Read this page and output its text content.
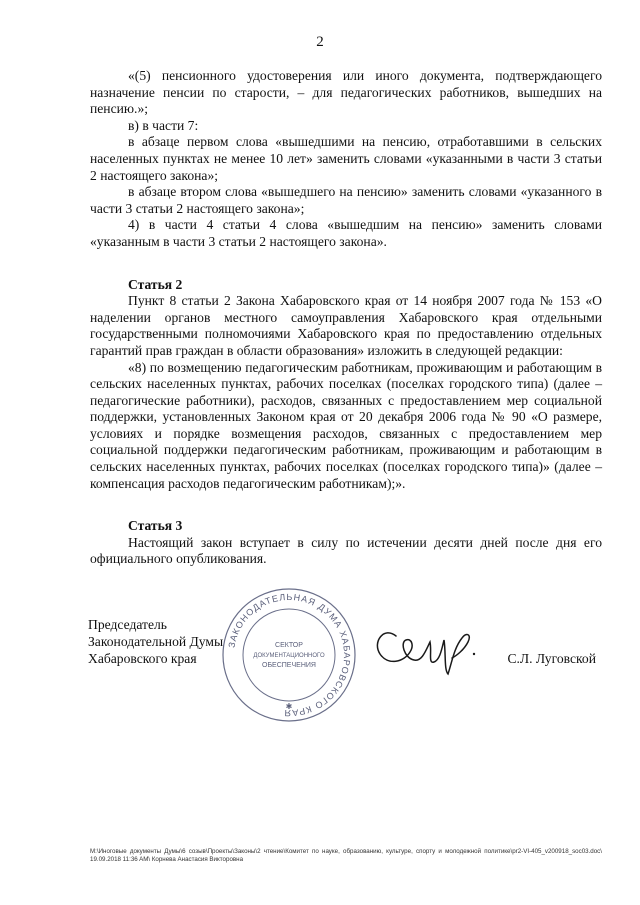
2

«(5) пенсионного удостоверения или иного документа, подтверждающего назначение пенсии по старости, – для педагогических работников, вышедших на пенсию.»;

в) в части 7:

в абзаце первом слова «вышедшими на пенсию, отработавшими в сельских населенных пунктах не менее 10 лет» заменить словами «указанными в части 3 статьи 2 настоящего закона»;

в абзаце втором слова «вышедшего на пенсию» заменить словами «указанного в части 3 статьи 2 настоящего закона»;

4) в части 4 статьи 4 слова «вышедшим на пенсию» заменить словами «указанным в части 3 статьи 2 настоящего закона».

Статья 2

Пункт 8 статьи 2 Закона Хабаровского края от 14 ноября 2007 года № 153 «О наделении органов местного самоуправления Хабаровского края отдельными государственными полномочиями Хабаровского края по предоставлению отдельных гарантий прав граждан в области образования» изложить в следующей редакции:

«8) по возмещению педагогическим работникам, проживающим и работающим в сельских населенных пунктах, рабочих поселках (поселках городского типа) (далее – педагогические работники), расходов, связанных с предоставлением мер социальной поддержки, установленных Законом края от 20 декабря 2006 года № 90 «О размере, условиях и порядке возмещения расходов, связанных с предоставлением мер социальной поддержки педагогическим работникам, проживающим и работающим в сельских населенных пунктах, рабочих поселках (поселках городского типа)» (далее – компенсация расходов педагогическим работникам);».

Статья 3

Настоящий закон вступает в силу по истечении десяти дней после дня его официального опубликования.

Председатель
Законодательной Думы
Хабаровского края
ЗАКОНОДАТЕЛЬНАЯ ДУМА ХАБАРОВСКОГО КРАЯ
СЕКТОР
ДОКУМЕНТАЦИОННОГО
ОБЕСПЕЧЕНИЯ
✱
С.Л. Луговской
M:\Иноговые документы Думы\6 созыв\Проекты\Законы\2 чтение\Комитет по науке, образованию, культуре, спорту и молодежной политике\pr2-VI-405_v200918_soc03.doc\ 19.09.2018 11:36 AM\ Корнева Анастасия Викторовна
